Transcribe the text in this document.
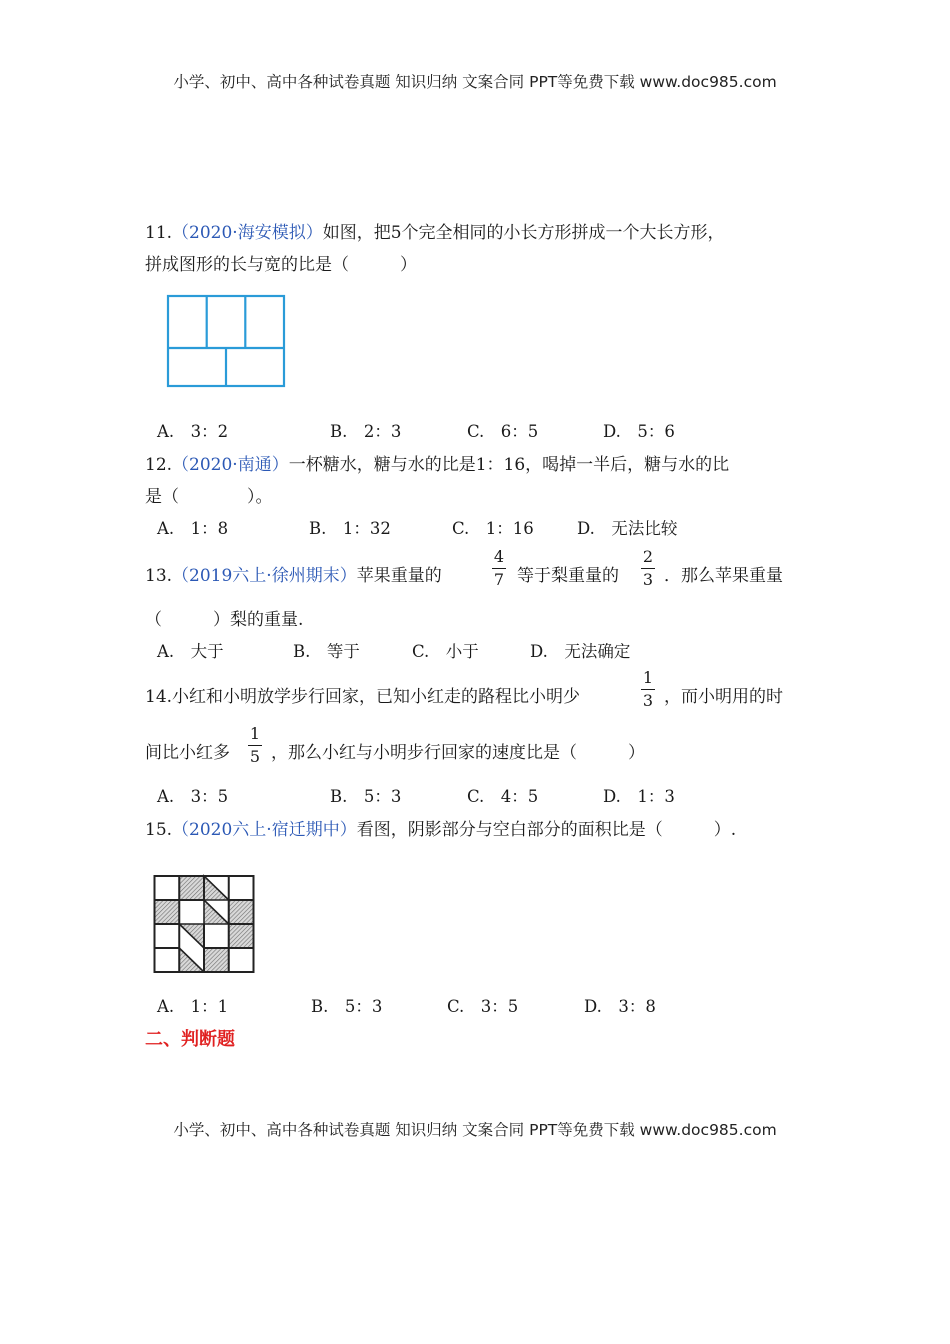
小学、初中、高中各种试卷真题 知识归纳 文案合同 PPT等免费下载 www.doc985.com
11.（2020·海安模拟）如图，把5个完全相同的小长方形拼成一个大长方形，
拼成图形的长与宽的比是（　　　）
A.　3：2	B.　2：3	C.　6：5	D.　5：6
12.（2020·南通）一杯糖水，糖与水的比是1：16，喝掉一半后，糖与水的比
是（　　　　）。
A.　1：8	B.　1：32	C.　1：16	D.　无法比较
13.（2019六上·徐州期末）苹果重量的
4
7 等于梨重量的
2
3 ．那么苹果重量
（　　　）梨的重量.
A.　大于	B.　等于	C.　小于	D.　无法确定
14.小红和小明放学步行回家，已知小红走的路程比小明少
1
3 ，而小明用的时
间比小红多
1
5 ，那么小红与小明步行回家的速度比是（　　　）
A.　3：5	B.　5：3	C.　4：5	D.　1：3
15.（2020六上·宿迁期中）看图，阴影部分与空白部分的面积比是（　　　）.
A.　1：1	B.　5：3	C.　3：5	D.　3：8
二、判断题
小学、初中、高中各种试卷真题 知识归纳 文案合同 PPT等免费下载 www.doc985.com
